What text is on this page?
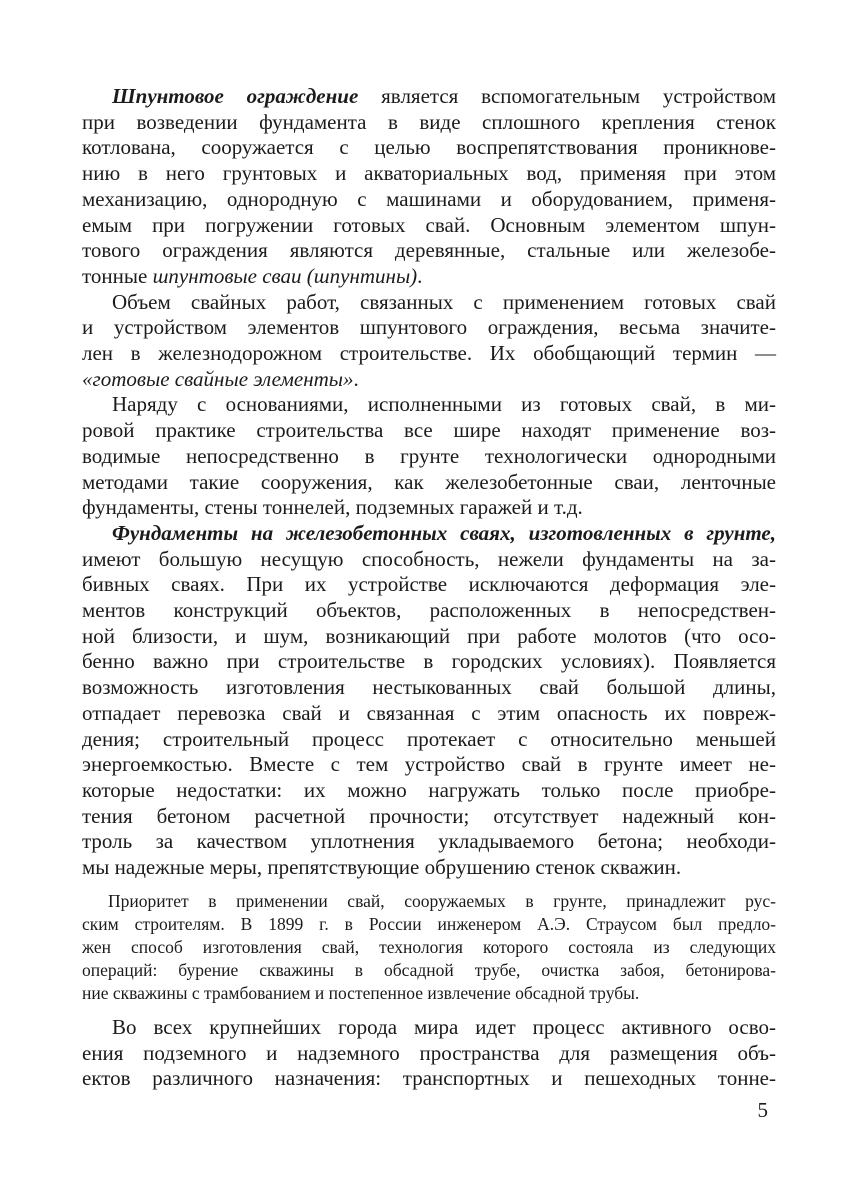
Шпунтовое ограждение является вспомогательным устройством
при возведении фундамента в виде сплошного крепления стенок
котлована, сооружается с целью воспрепятствования проникнове-
нию в него грунтовых и акваториальных вод, применяя при этом
механизацию, однородную с машинами и оборудованием, применя-
емым при погружении готовых свай. Основным элементом шпун-
тового ограждения являются деревянные, стальные или железобе-
тонные шпунтовые сваи (шпунтины).
Объем свайных работ, связанных с применением готовых свай
и устройством элементов шпунтового ограждения, весьма значите-
лен в железнодорожном строительстве. Их обобщающий термин —
«готовые свайные элементы».
Наряду с основаниями, исполненными из готовых свай, в ми-
ровой практике строительства все шире находят применение воз-
водимые непосредственно в грунте технологически однородными
методами такие сооружения, как железобетонные сваи, ленточные
фундаменты, стены тоннелей, подземных гаражей и т.д.
Фундаменты на железобетонных сваях, изготовленных в грунте,
имеют большую несущую способность, нежели фундаменты на за-
бивных сваях. При их устройстве исключаются деформация эле-
ментов конструкций объектов, расположенных в непосредствен-
ной близости, и шум, возникающий при работе молотов (что осо-
бенно важно при строительстве в городских условиях). Появляется
возможность изготовления нестыкованных свай большой длины,
отпадает перевозка свай и связанная с этим опасность их повреж-
дения; строительный процесс протекает с относительно меньшей
энергоемкостью. Вместе с тем устройство свай в грунте имеет не-
которые недостатки: их можно нагружать только после приобре-
тения бетоном расчетной прочности; отсутствует надежный кон-
троль за качеством уплотнения укладываемого бетона; необходи-
мы надежные меры, препятствующие обрушению стенок скважин.
Приоритет в применении свай, сооружаемых в грунте, принадлежит рус-
ским строителям. В 1899 г. в России инженером А.Э. Страусом был предло-
жен способ изготовления свай, технология которого состояла из следующих
операций: бурение скважины в обсадной трубе, очистка забоя, бетонирова-
ние скважины с трамбованием и постепенное извлечение обсадной трубы.
Во всех крупнейших города мира идет процесс активного осво-
ения подземного и надземного пространства для размещения объ-
ектов различного назначения: транспортных и пешеходных тонне-
5
